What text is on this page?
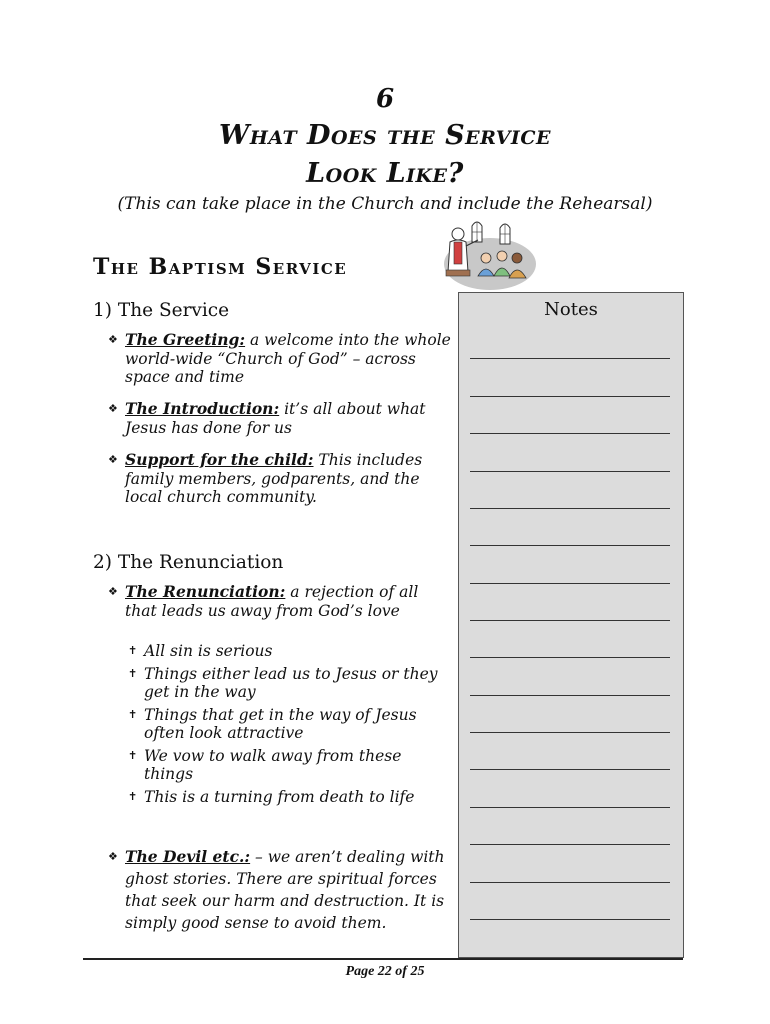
6
What Does the Service
Look Like?
(This can take place in the Church and include the Rehearsal)
The Baptism Service
Notes
1) The Service
❖ The Greeting: a welcome into the whole world-wide “Church of God” – across space and time
❖ The Introduction: it’s all about what Jesus has done for us
❖ Support for the child: This includes family members, godparents, and the local church community.
2) The Renunciation
❖ The Renunciation: a rejection of all that leads us away from God’s love
✝ All sin is serious
✝ Things either lead us to Jesus or they get in the way
✝ Things that get in the way of Jesus often look attractive
✝ We vow to walk away from these things
✝ This is a turning from death to life
❖ The Devil etc.: – we aren’t dealing with ghost stories. There are spiritual forces that seek our harm and destruction. It is simply good sense to avoid them.
Page 22 of 25
